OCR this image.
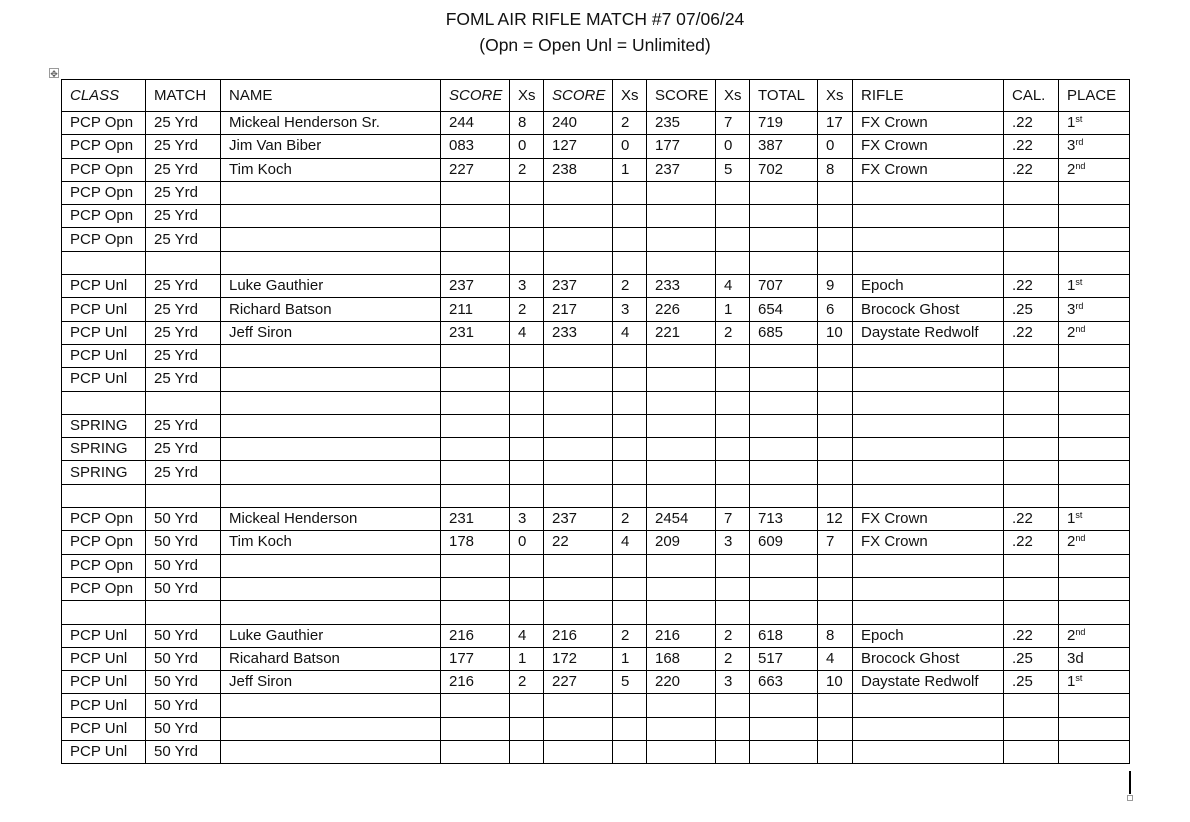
FOML AIR RIFLE MATCH #7 07/06/24
(Opn = Open Unl = Unlimited)
✥
CLASS	MATCH	NAME	SCORE	Xs	SCORE	Xs	SCORE	Xs	TOTAL	Xs	RIFLE	CAL.	PLACE
PCP Opn	25 Yrd	Mickeal Henderson Sr.	244	8	240	2	235	7	719	17	FX Crown	.22	1st
PCP Opn	25 Yrd	Jim Van Biber	083	0	127	0	177	0	387	0	FX Crown	.22	3rd
PCP Opn	25 Yrd	Tim Koch	227	2	238	1	237	5	702	8	FX Crown	.22	2nd
PCP Opn	25 Yrd												
PCP Opn	25 Yrd												
PCP Opn	25 Yrd												

PCP Unl	25 Yrd	Luke Gauthier	237	3	237	2	233	4	707	9	Epoch	.22	1st
PCP Unl	25 Yrd	Richard Batson	211	2	217	3	226	1	654	6	Brocock Ghost	.25	3rd
PCP Unl	25 Yrd	Jeff Siron	231	4	233	4	221	2	685	10	Daystate Redwolf	.22	2nd
PCP Unl	25 Yrd												
PCP Unl	25 Yrd												

SPRING	25 Yrd												
SPRING	25 Yrd												
SPRING	25 Yrd												

PCP Opn	50 Yrd	Mickeal Henderson	231	3	237	2	2454	7	713	12	FX Crown	.22	1st
PCP Opn	50 Yrd	Tim Koch	178	0	22	4	209	3	609	7	FX Crown	.22	2nd
PCP Opn	50 Yrd												
PCP Opn	50 Yrd												

PCP Unl	50 Yrd	Luke Gauthier	216	4	216	2	216	2	618	8	Epoch	.22	2nd
PCP Unl	50 Yrd	Ricahard Batson	177	1	172	1	168	2	517	4	Brocock Ghost	.25	3d
PCP Unl	50 Yrd	Jeff Siron	216	2	227	5	220	3	663	10	Daystate Redwolf	.25	1st
PCP Unl	50 Yrd												
PCP Unl	50 Yrd												
PCP Unl	50 Yrd												
